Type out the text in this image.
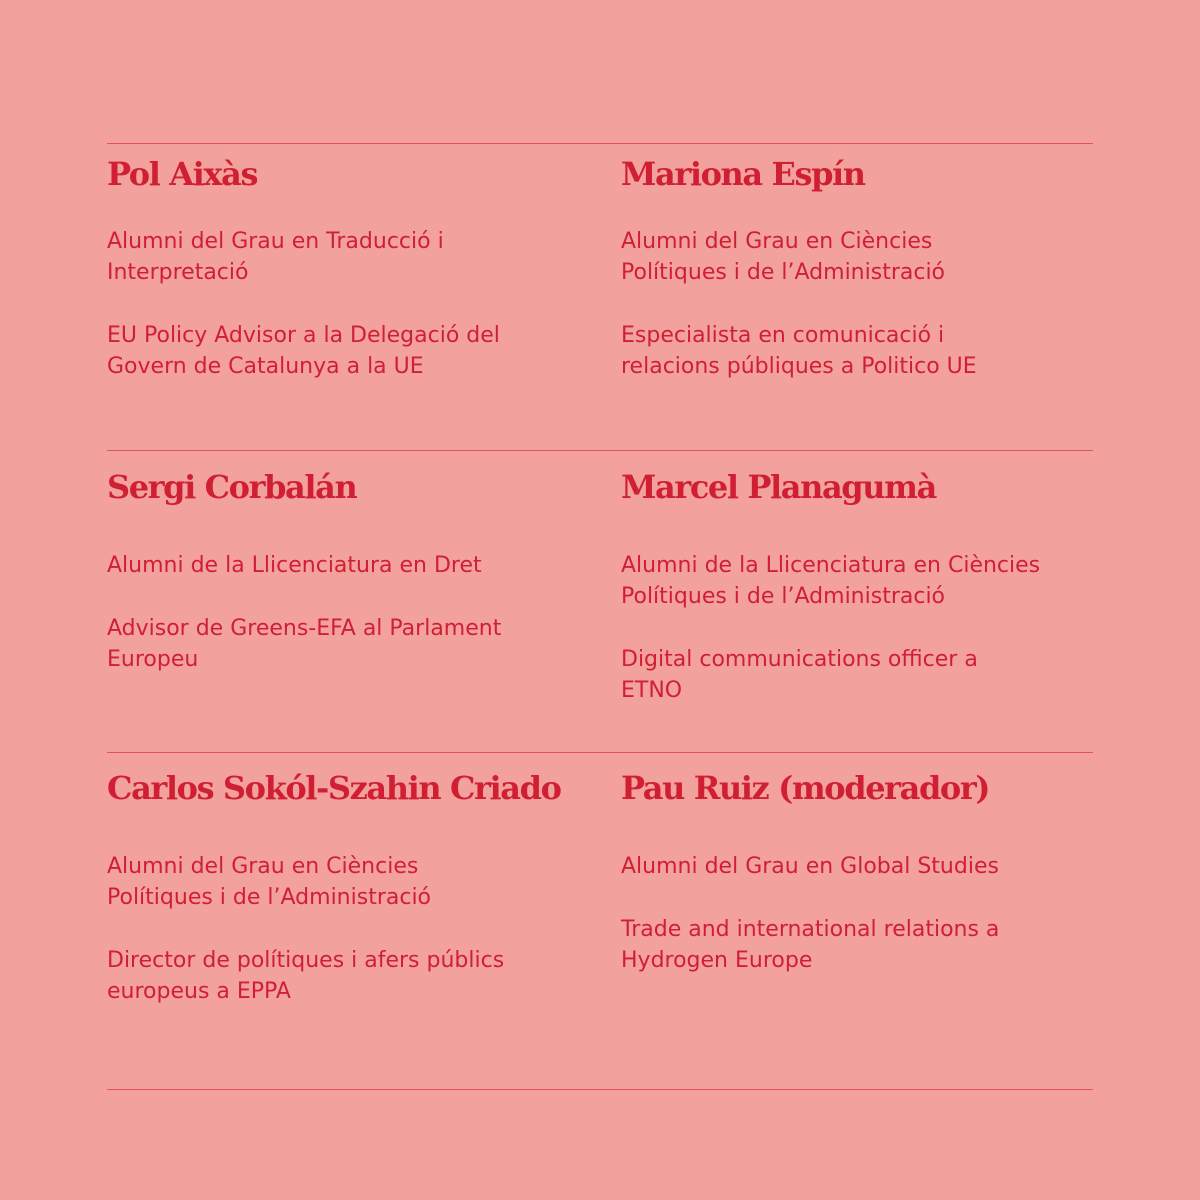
Pol Aixàs

Alumni del Grau en Traducció i
Interpretació

EU Policy Advisor a la Delegació del
Govern de Catalunya a la UE

Mariona Espín

Alumni del Grau en Ciències
Polítiques i de l’Administració

Especialista en comunicació i
relacions públiques a Politico UE

Sergi Corbalán

Alumni de la Llicenciatura en Dret

Advisor de Greens-EFA al Parlament
Europeu

Marcel Planagumà

Alumni de la Llicenciatura en Ciències
Polítiques i de l’Administració

Digital communications officer a
ETNO

Carlos Sokól-Szahin Criado

Alumni del Grau en Ciències
Polítiques i de l’Administració

Director de polítiques i afers públics
europeus a EPPA

Pau Ruiz (moderador)

Alumni del Grau en Global Studies

Trade and international relations a
Hydrogen Europe
